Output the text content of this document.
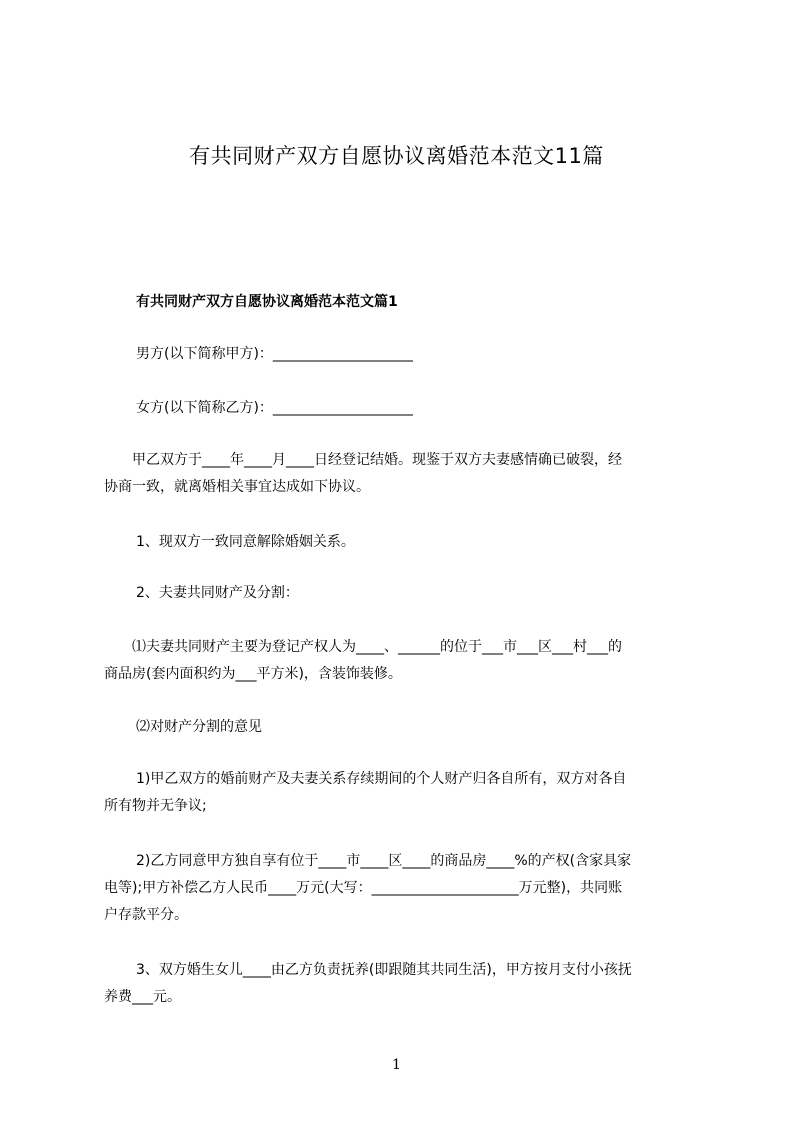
有共同财产双方自愿协议离婚范本范文11篇
有共同财产双方自愿协议离婚范本范文篇1

男方(以下简称甲方)：____________________

女方(以下简称乙方)：____________________

甲乙双方于____年____月____日经登记结婚。现鉴于双方夫妻感情确已破裂，经
协商一致，就离婚相关事宜达成如下协议。

1、现双方一致同意解除婚姻关系。

2、夫妻共同财产及分割：

⑴夫妻共同财产主要为登记产权人为____、______的位于___市___区___村___的
商品房(套内面积约为___平方米)，含装饰装修。

⑵对财产分割的意见

1)甲乙双方的婚前财产及夫妻关系存续期间的个人财产归各自所有，双方对各自
所有物并无争议;

2)乙方同意甲方独自享有位于____市____区____的商品房____%的产权(含家具家
电等);甲方补偿乙方人民币____万元(大写：_____________________万元整)，共同账
户存款平分。

3、双方婚生女儿____由乙方负责抚养(即跟随其共同生活)，甲方按月支付小孩抚
养费___元。

1
